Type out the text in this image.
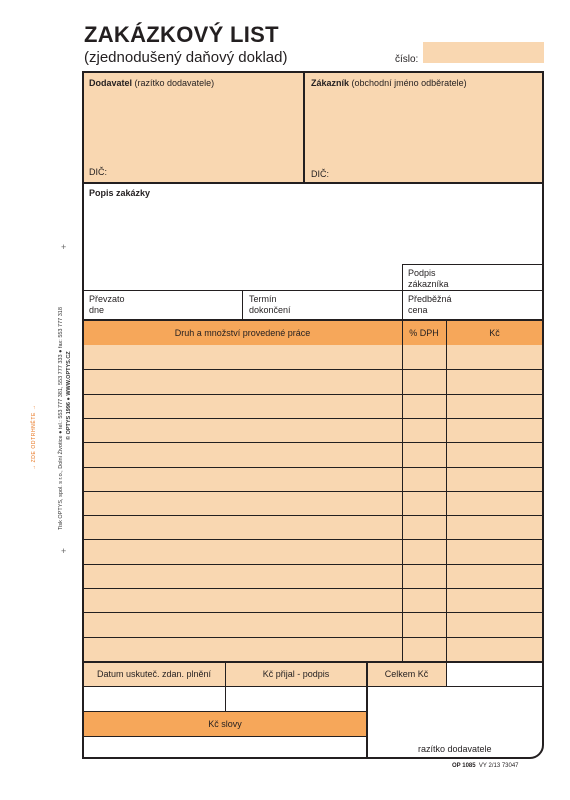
ZAKÁZKOVÝ LIST
(zjednodušený daňový doklad)	číslo:
+
+
→ ZDE ODTRHNĚTE →	Tisk OPTYS, spol. s r.o., Dolní Životice ● tel.: 553 777 381, 553 777 333 ● fax: 553 777 318 © OPTYS 1996 ● WWW.OPTYS.CZ
Dodavatel (razítko dodavatele)	Zákazník (obchodní jméno odběratele)
DIČ:	DIČ:
Popis zakázky
Podpis
zákazníka
Převzato
dne
Termín
dokončení
Předběžná
cena
Druh a množství provedené práce	% DPH	Kč
Datum uskuteč. zdan. plnění	Kč přijal - podpis	Celkem Kč
Kč slovy
razítko dodavatele
OP 1085 VY 2/13 73047
